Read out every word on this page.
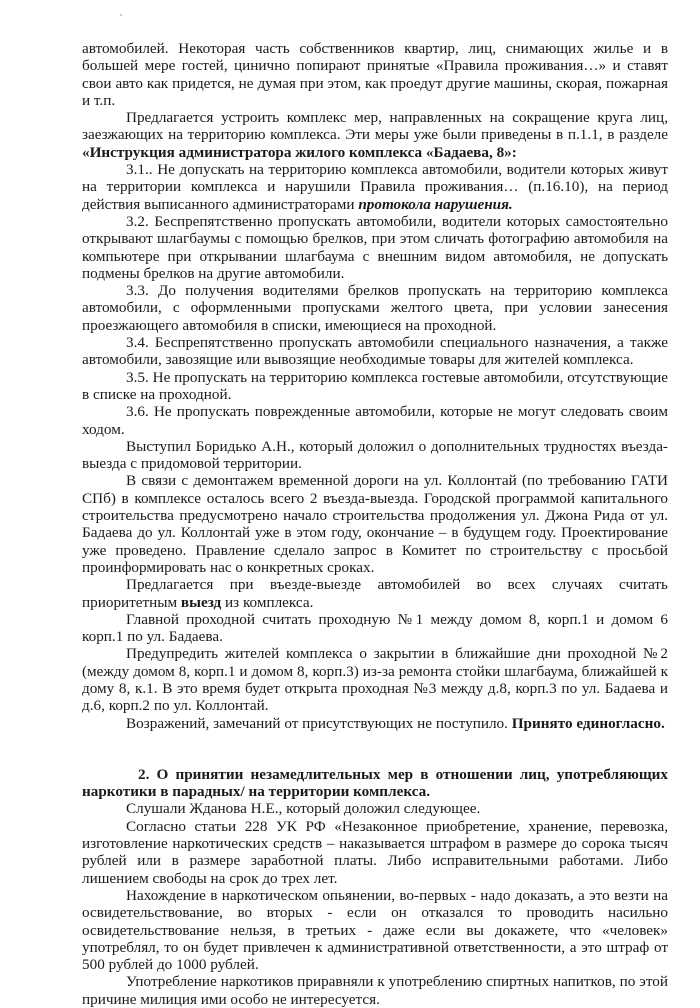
автомобилей. Некоторая часть собственников квартир, лиц, снимающих жилье и в большей мере гостей, цинично попирают принятые «Правила проживания…» и ставят свои авто как придется, не думая при этом, как проедут другие машины, скорая, пожарная и т.п.

Предлагается устроить комплекс мер, направленных на сокращение круга лиц, заезжающих на территорию комплекса. Эти меры уже были приведены в п.1.1, в разделе «Инструкция администратора жилого комплекса «Бадаева, 8»:

3.1.. Не допускать на территорию комплекса автомобили, водители которых живут на территории комплекса и нарушили Правила проживания… (п.16.10), на период действия выписанного администраторами протокола нарушения.

3.2. Беспрепятственно пропускать автомобили, водители которых самостоятельно открывают шлагбаумы с помощью брелков, при этом сличать фотографию автомобиля на компьютере при открывании шлагбаума с внешним видом автомобиля, не допускать подмены брелков на другие автомобили.

3.3. До получения водителями брелков пропускать на территорию комплекса автомобили, с оформленными пропусками желтого цвета, при условии занесения проезжающего автомобиля в списки, имеющиеся на проходной.

3.4. Беспрепятственно пропускать автомобили специального назначения, а также автомобили, завозящие или вывозящие необходимые товары для жителей комплекса.

3.5. Не пропускать на территорию комплекса гостевые автомобили, отсутствующие в списке на проходной.

3.6. Не пропускать поврежденные автомобили, которые не могут следовать своим ходом.

Выступил Боридько А.Н., который доложил о дополнительных трудностях въезда-выезда с придомовой территории.

В связи с демонтажем временной дороги на ул. Коллонтай (по требованию ГАТИ СПб) в комплексе осталось всего 2 въезда-выезда. Городской программой капитального строительства предусмотрено начало строительства продолжения ул. Джона Рида от ул. Бадаева до ул. Коллонтай уже в этом году, окончание – в будущем году. Проектирование уже проведено. Правление сделало запрос в Комитет по строительству с просьбой проинформировать нас о конкретных сроках.

Предлагается при въезде-выезде автомобилей во всех случаях считать приоритетным выезд из комплекса.

Главной проходной считать проходную №1 между домом 8, корп.1 и домом 6 корп.1 по ул. Бадаева.

Предупредить жителей комплекса о закрытии в ближайшие дни проходной №2 (между домом 8, корп.1 и домом 8, корп.3) из-за ремонта стойки шлагбаума, ближайшей к дому 8, к.1. В это время будет открыта проходная №3 между д.8, корп.3 по ул. Бадаева и д.6, корп.2 по ул. Коллонтай.

Возражений, замечаний от присутствующих не поступило. Принято единогласно.

2. О принятии незамедлительных мер в отношении лиц, употребляющих наркотики в парадных/ на территории комплекса.

Слушали Жданова Н.Е., который доложил следующее.

Согласно статьи 228 УК РФ «Незаконное приобретение, хранение, перевозка, изготовление наркотических средств – наказывается штрафом в размере до сорока тысяч рублей или в размере заработной платы. Либо исправительными работами. Либо лишением свободы на срок до трех лет.

Нахождение в наркотическом опьянении, во-первых - надо доказать, а это везти на освидетельствование, во вторых - если он отказался то проводить насильно освидетельствование нельзя, в третьих - даже если вы докажете, что «человек» употреблял, то он будет привлечен к административной ответственности, а это штраф от 500 рублей до 1000 рублей.

Употребление наркотиков приравняли к употреблению спиртных напитков, по этой причине милиция ими особо не интересуется.
